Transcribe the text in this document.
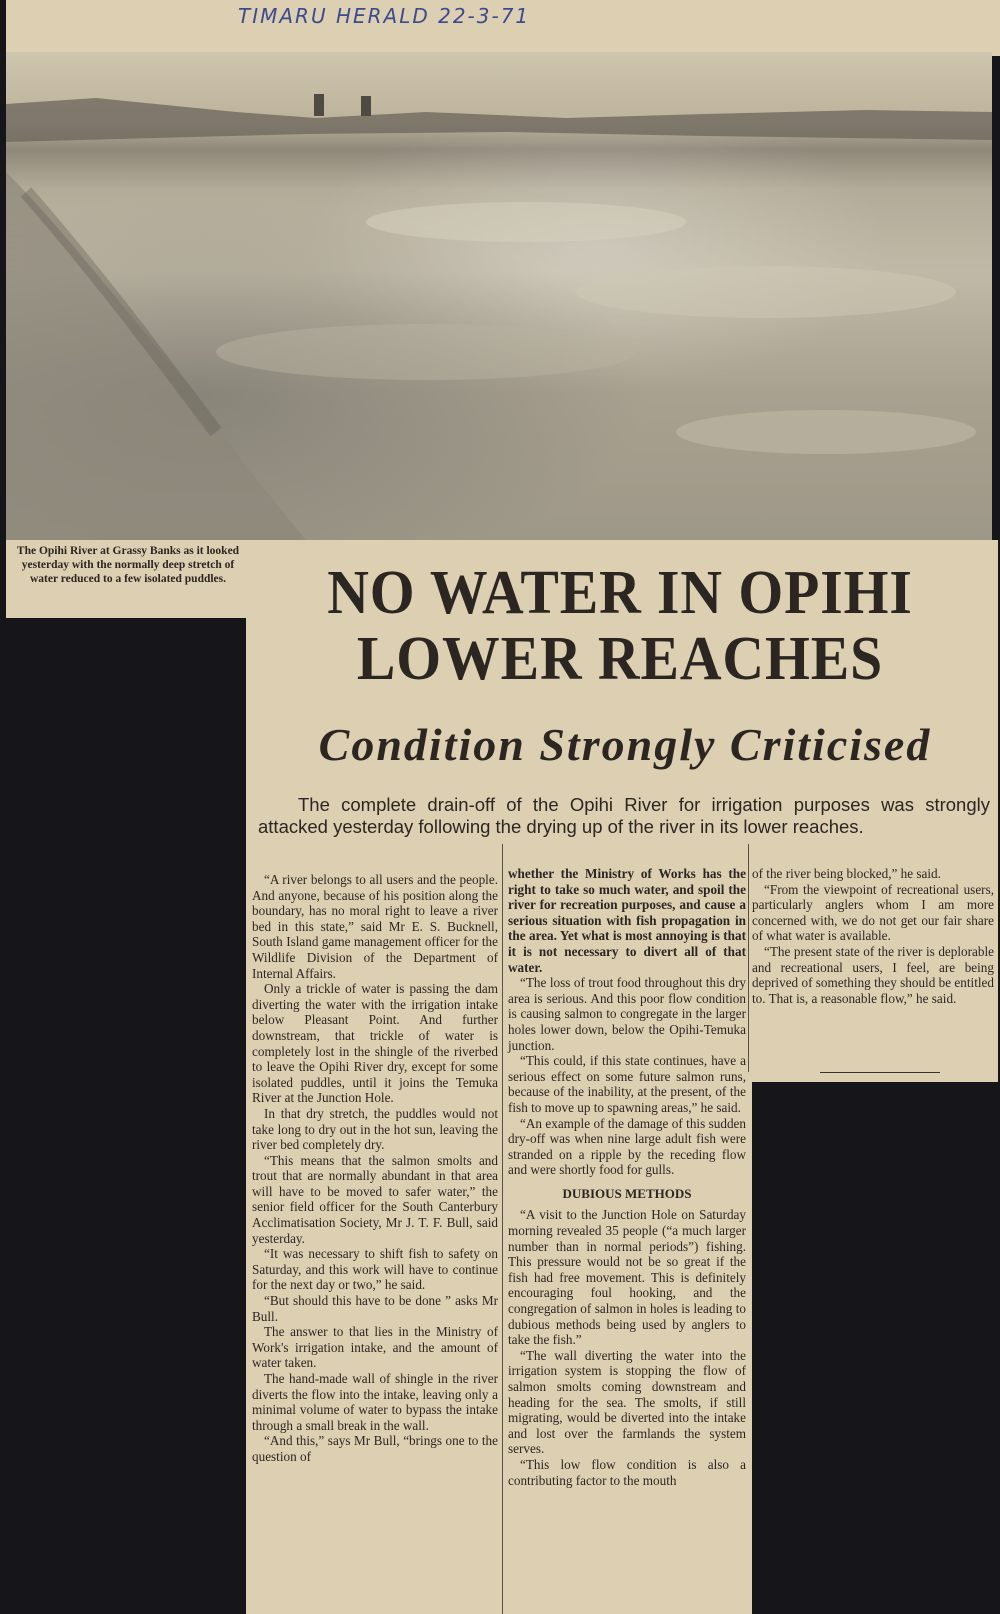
TIMARU HERALD 22-3-71
The Opihi River at Grassy Banks as it looked yesterday with the normally deep stretch of water reduced to a few isolated puddles.	NO WATER IN OPIHI LOWER REACHES
Condition Strongly Criticised
The complete drain-off of the Opihi River for irrigation purposes was strongly attacked yesterday following the drying up of the river in its lower reaches.

“A river belongs to all users and the people. And anyone, because of his position along the boundary, has no moral right to leave a river bed in this state,” said Mr E. S. Bucknell, South Island game management officer for the Wildlife Division of the Department of Internal Affairs.

Only a trickle of water is passing the dam diverting the water with the irrigation intake below Pleasant Point. And further downstream, that trickle of water is completely lost in the shingle of the riverbed to leave the Opihi River dry, except for some isolated puddles, until it joins the Temuka River at the Junction Hole.

In that dry stretch, the puddles would not take long to dry out in the hot sun, leaving the river bed completely dry.

“This means that the salmon smolts and trout that are normally abundant in that area will have to be moved to safer water,” the senior field officer for the South Canterbury Acclimatisation Society, Mr J. T. F. Bull, said yesterday.

“It was necessary to shift fish to safety on Saturday, and this work will have to continue for the next day or two,” he said.

“But should this have to be done ” asks Mr Bull.

The answer to that lies in the Ministry of Work's irrigation intake, and the amount of water taken.

The hand-made wall of shingle in the river diverts the flow into the intake, leaving only a minimal volume of water to bypass the intake through a small break in the wall.

“And this,” says Mr Bull, “brings one to the question of

whether the Ministry of Works has the right to take so much water, and spoil the river for recreation purposes, and cause a serious situation with fish propagation in the area. Yet what is most annoying is that it is not necessary to divert all of that water.

“The loss of trout food throughout this dry area is serious. And this poor flow condition is causing salmon to congregate in the larger holes lower down, below the Opihi-Temuka junction.

“This could, if this state continues, have a serious effect on some future salmon runs, because of the inability, at the present, of the fish to move up to spawning areas,” he said.

“An example of the damage of this sudden dry-off was when nine large adult fish were stranded on a ripple by the receding flow and were shortly food for gulls.

DUBIOUS METHODS

“A visit to the Junction Hole on Saturday morning revealed 35 people (“a much larger number than in normal periods”) fishing. This pressure would not be so great if the fish had free movement. This is definitely encouraging foul hooking, and the congregation of salmon in holes is leading to dubious methods being used by anglers to take the fish.”

“The wall diverting the water into the irrigation system is stopping the flow of salmon smolts coming downstream and heading for the sea. The smolts, if still migrating, would be diverted into the intake and lost over the farmlands the system serves.

“This low flow condition is also a contributing factor to the mouth

of the river being blocked,” he said.

“From the viewpoint of recreational users, particularly anglers whom I am more concerned with, we do not get our fair share of what water is available.

“The present state of the river is deplorable and recreational users, I feel, are being deprived of something they should be entitled to. That is, a reasonable flow,” he said.
